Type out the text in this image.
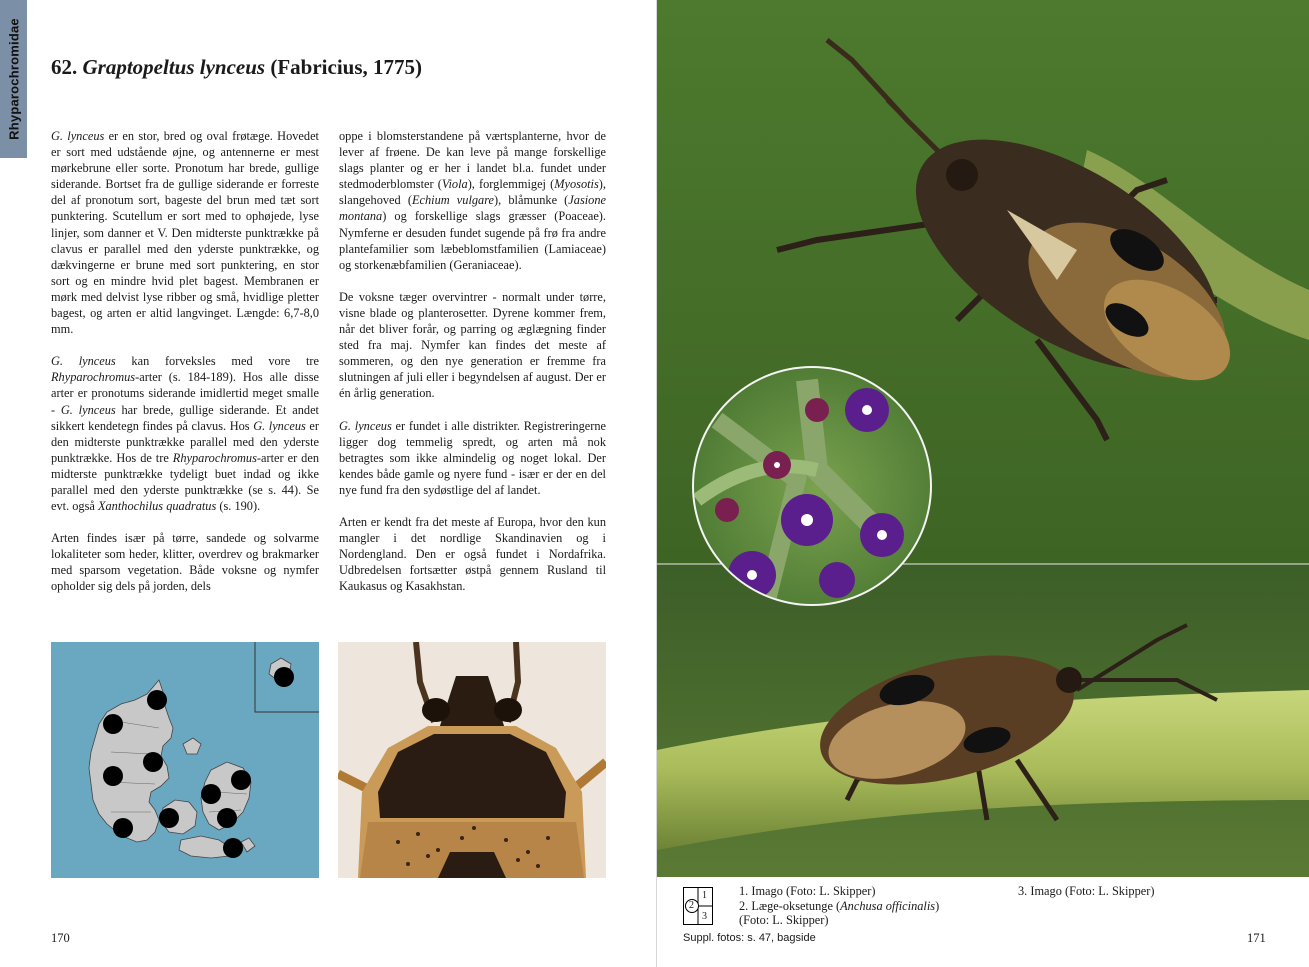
Rhyparochromidae 62. Graptopeltus lynceus (Fabricius, 1775)

G. lynceus er en stor, bred og oval frøtæge. Hovedet er sort med udstående øjne, og antennerne er mest mørkebrune eller sorte. Pronotum har brede, gullige siderande. Bortset fra de gullige siderande er forreste del af pronotum sort, bageste del brun med tæt sort punktering. Scutellum er sort med to ophøjede, lyse linjer, som danner et V. Den midterste punktrække på clavus er parallel med den yderste punktrække, og dækvingerne er brune med sort punktering, en stor sort og en mindre hvid plet bagest. Membranen er mørk med delvist lyse ribber og små, hvidlige pletter bagest, og arten er altid langvinget. Længde: 6,7-8,0 mm.

G. lynceus kan forveksles med vore tre Rhyparochromus-arter (s. 184-189). Hos alle disse arter er pronotums siderande imidlertid meget smalle - G. lynceus har brede, gullige siderande. Et andet sikkert kendetegn findes på clavus. Hos G. lynceus er den midterste punktrække parallel med den yderste punktrække. Hos de tre Rhyparochromus-arter er den midterste punktrække tydeligt buet indad og ikke parallel med den yderste punktrække (se s. 44). Se evt. også Xanthochilus quadratus (s. 190).

Arten findes især på tørre, sandede og solvarme lokaliteter som heder, klitter, overdrev og brakmarker med sparsom vegetation. Både voksne og nymfer opholder sig dels på jorden, dels

oppe i blomsterstandene på værtsplanterne, hvor de lever af frøene. De kan leve på mange forskellige slags planter og er her i landet bl.a. fundet under stedmoderblomster (Viola), forglemmigej (Myosotis), slangehoved (Echium vulgare), blåmunke (Jasione montana) og forskellige slags græsser (Poaceae). Nymferne er desuden fundet sugende på frø fra andre plantefamilier som læbeblomstfamilien (Lamiaceae) og storkenæbfamilien (Geraniaceae).

De voksne tæger overvintrer - normalt under tørre, visne blade og planterosetter. Dyrene kommer frem, når det bliver forår, og parring og æglægning finder sted fra maj. Nymfer kan findes det meste af sommeren, og den nye generation er fremme fra slutningen af juli eller i begyndelsen af august. Der er én årlig generation.

G. lynceus er fundet i alle distrikter. Registreringerne ligger dog temmelig spredt, og arten må nok betragtes som ikke almindelig og noget lokal. Der kendes både gamle og nyere fund - især er der en del nye fund fra den sydøstlige del af landet.

Arten er kendt fra det meste af Europa, hvor den kun mangler i det nordlige Skandinavien og i Nordengland. Den er også fundet i Nordafrika. Udbredelsen fortsætter østpå gennem Rusland til Kaukasus og Kasakhstan.

170
1
2
3
1. Imago (Foto: L. Skipper)
2. Læge-oksetunge (Anchusa officinalis)
(Foto: L. Skipper)
3. Imago (Foto: L. Skipper)
Suppl. fotos: s. 47, bagside	171
